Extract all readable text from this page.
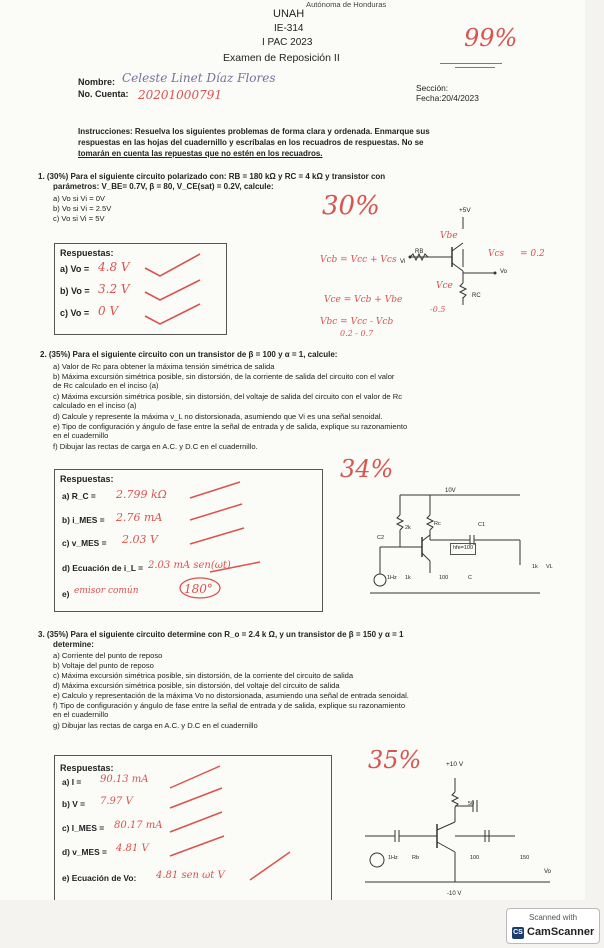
Autónoma de Honduras
UNAH
IE-314
I PAC 2023
Examen de Reposición II
99%
Nombre: Celeste Linet Díaz Flores
No. Cuenta: 20201000791	Sección:
Fecha:20/4/2023
Instrucciones: Resuelva los siguientes problemas de forma clara y ordenada. Enmarque sus
respuestas en las hojas del cuadernillo y escríbalas en los recuadros de respuestas. No se
tomarán en cuenta las repuestas que no estén en los recuadros.
1. (30%) Para el siguiente circuito polarizado con: RB = 180 kΩ y RC = 4 kΩ y transistor con
parámetros: V_BE= 0.7V, β = 80, V_CE(sat) = 0.2V, calcule:
a) Vo si Vi = 0V
b) Vo si Vi = 2.5V
c) Vo si Vi = 5V	30%
Respuestas:
a) Vo = 4.8 V
b) Vo = 3.2 V
c) Vo = 0 V
Vcb = Vcc + Vcs
Vce = Vcb + Vbe
Vbc = Vcc - Vcb
0.2 - 0.7
-0.5
+5V
RB
RC
Vi
Vo
Vcs
Vbe
Vce
= 0.2
2. (35%) Para el siguiente circuito con un transistor de β = 100 y α = 1, calcule:
a) Valor de Rc para obtener la máxima tensión simétrica de salida
b) Máxima excursión simétrica posible, sin distorsión, de la corriente de salida del circuito con el valor
de Rc calculado en el inciso (a)
c) Máxima excursión simétrica posible, sin distorsión, del voltaje de salida del circuito con el valor de Rc
calculado en el inciso (a)
d) Calcule y represente la máxima v_L no distorsionada, asumiendo que Vi es una señal senoidal.
e) Tipo de configuración y ángulo de fase entre la señal de entrada y de salida, explique su razonamiento
en el cuadernillo
f) Dibujar las rectas de carga en A.C. y D.C en el cuadernillo.
34%
Respuestas:
a) R_C = 2.799 kΩ
b) i_MES = 2.76 mA
c) v_MES = 2.03 V
d) Ecuación de i_L = 2.03 mA sen(ωt)
e) emisor común	180°
10V
2k
Rc	C1
C2
hfe=100
1Hz 1k	100	C
1k VL
3. (35%) Para el siguiente circuito determine con R_o = 2.4 k Ω, y un transistor de β = 150 y α = 1
determine:
a) Corriente del punto de reposo
b) Voltaje del punto de reposo
c) Máxima excursión simétrica posible, sin distorsión, de la corriente del circuito de salida
d) Máxima excursión simétrica posible, sin distorsión, del voltaje del circuito de salida
e) Calculo y representación de la máxima Vo no distorsionada, asumiendo una señal de entrada senoidal.
f) Tipo de configuración y ángulo de fase entre la señal de entrada y de salida, explique su razonamiento
en el cuadernillo
g) Dibujar las rectas de carga en A.C. y D.C en el cuadernillo
35%
Respuestas:
a) I = 90.13 mA
b) V = 7.97 V
c) I_MES = 80.17 mA
d) v_MES = 4.81 V
e) Ecuación de Vo: 4.81 sen ωt V
+10 V
50
1Hz	Rb	100	150
Vo
-10 V
Scanned with
CS CamScanner
